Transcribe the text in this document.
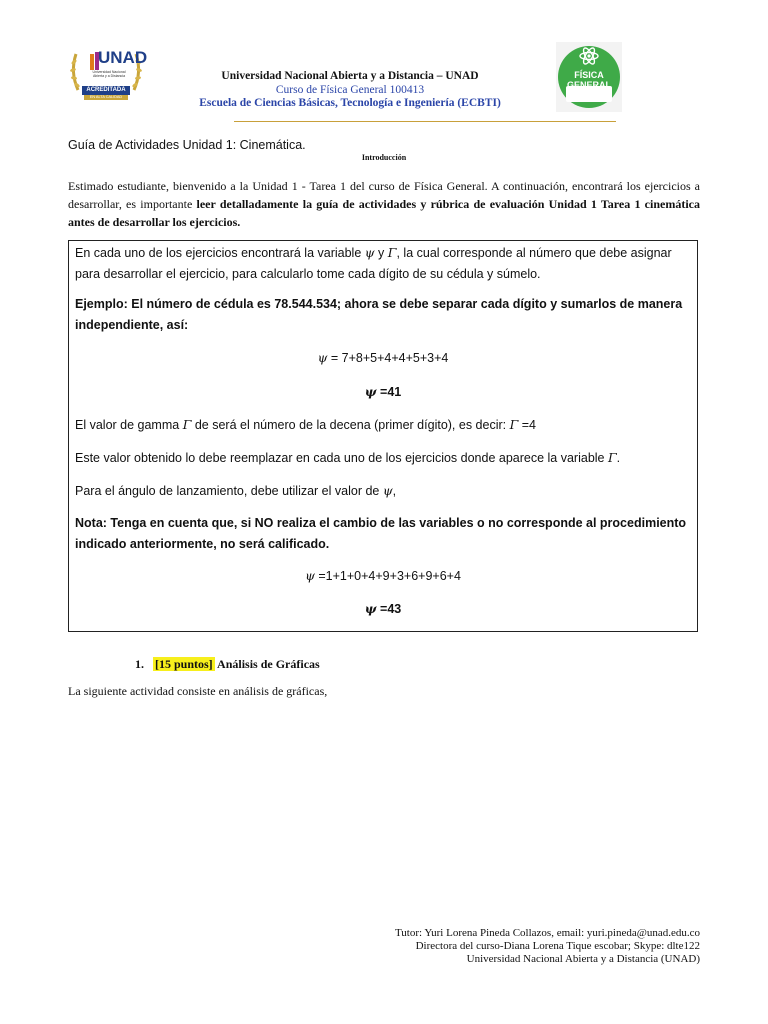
UNAD
Universidad Nacional Abierta y a Distancia
ACREDITADA
EN ALTA CALIDAD
Universidad Nacional Abierta y a Distancia – UNAD
Curso de Física General 100413
Escuela de Ciencias Básicas, Tecnología e Ingeniería (ECBTI)
FÍSICA GENERAL
Guía de Actividades Unidad 1: Cinemática.
Introducción
Estimado estudiante, bienvenido a la Unidad 1 - Tarea 1 del curso de Física General. A continuación, encontrará los ejercicios a desarrollar, es importante leer detalladamente la guía de actividades y rúbrica de evaluación Unidad 1 Tarea 1 cinemática antes de desarrollar los ejercicios.
En cada uno de los ejercicios encontrará la variable ψ y Γ, la cual corresponde al número que debe asignar para desarrollar el ejercicio, para calcularlo tome cada dígito de su cédula y súmelo.
Ejemplo: El número de cédula es 78.544.534; ahora se debe separar cada dígito y sumarlos de manera independiente, así:
ψ = 7+8+5+4+4+5+3+4
ψ =41
El valor de gamma Γ de será el número de la decena (primer dígito), es decir: Γ =4
Este valor obtenido lo debe reemplazar en cada uno de los ejercicios donde aparece la variable Γ.
Para el ángulo de lanzamiento, debe utilizar el valor de ψ,
Nota: Tenga en cuenta que, si NO realiza el cambio de las variables o no corresponde al procedimiento indicado anteriormente, no será calificado.
ψ =1+1+0+4+9+3+6+9+6+4
ψ =43
1. [15 puntos] Análisis de Gráficas
La siguiente actividad consiste en análisis de gráficas,
Tutor: Yuri Lorena Pineda Collazos, email: yuri.pineda@unad.edu.co
Directora del curso-Diana Lorena Tique escobar; Skype: dlte122
Universidad Nacional Abierta y a Distancia (UNAD)
